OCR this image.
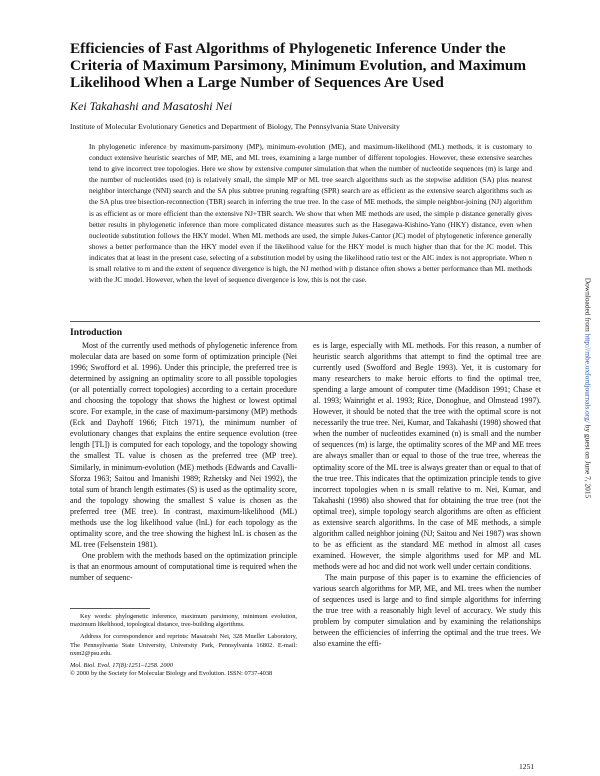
Efficiencies of Fast Algorithms of Phylogenetic Inference Under the Criteria of Maximum Parsimony, Minimum Evolution, and Maximum Likelihood When a Large Number of Sequences Are Used

Kei Takahashi and Masatoshi Nei

Institute of Molecular Evolutionary Genetics and Department of Biology, The Pennsylvania State University

In phylogenetic inference by maximum-parsimony (MP), minimum-evolution (ME), and maximum-likelihood (ML) methods, it is customary to conduct extensive heuristic searches of MP, ME, and ML trees, examining a large number of different topologies. However, these extensive searches tend to give incorrect tree topologies. Here we show by extensive computer simulation that when the number of nucleotide sequences (m) is large and the number of nucleotides used (n) is relatively small, the simple MP or ML tree search algorithms such as the stepwise addition (SA) plus nearest neighbor interchange (NNI) search and the SA plus subtree pruning regrafting (SPR) search are as efficient as the extensive search algorithms such as the SA plus tree bisection-reconnection (TBR) search in inferring the true tree. In the case of ME methods, the simple neighbor-joining (NJ) algorithm is as efficient as or more efficient than the extensive NJ+TBR search. We show that when ME methods are used, the simple p distance generally gives better results in phylogenetic inference than more complicated distance measures such as the Hasegawa-Kishino-Yano (HKY) distance, even when nucleotide substitution follows the HKY model. When ML methods are used, the simple Jukes-Cantor (JC) model of phylogenetic inference generally shows a better performance than the HKY model even if the likelihood value for the HKY model is much higher than that for the JC model. This indicates that at least in the present case, selecting of a substitution model by using the likelihood ratio test or the AIC index is not appropriate. When n is small relative to m and the extent of sequence divergence is high, the NJ method with p distance often shows a better performance than ML methods with the JC model. However, when the level of sequence divergence is low, this is not the case.

Introduction

Most of the currently used methods of phylogenetic inference from molecular data are based on some form of optimization principle (Nei 1996; Swofford et al. 1996). Under this principle, the preferred tree is determined by assigning an optimality score to all possible topologies (or all potentially correct topologies) according to a certain procedure and choosing the topology that shows the highest or lowest optimal score. For example, in the case of maximum-parsimony (MP) methods (Eck and Dayhoff 1966; Fitch 1971), the minimum number of evolutionary changes that explains the entire sequence evolution (tree length [TL]) is computed for each topology, and the topology showing the smallest TL value is chosen as the preferred tree (MP tree). Similarly, in minimum-evolution (ME) methods (Edwards and Cavalli-Sforza 1963; Saitou and Imanishi 1989; Rzhetsky and Nei 1992), the total sum of branch length estimates (S) is used as the optimality score, and the topology showing the smallest S value is chosen as the preferred tree (ME tree). In contrast, maximum-likelihood (ML) methods use the log likelihood value (lnL) for each topology as the optimality score, and the tree showing the highest lnL is chosen as the ML tree (Felsenstein 1981).

One problem with the methods based on the optimization principle is that an enormous amount of computational time is required when the number of sequenc-

es is large, especially with ML methods. For this reason, a number of heuristic search algorithms that attempt to find the optimal tree are currently used (Swofford and Begle 1993). Yet, it is customary for many researchers to make heroic efforts to find the optimal tree, spending a large amount of computer time (Maddison 1991; Chase et al. 1993; Wainright et al. 1993; Rice, Donoghue, and Olmstead 1997). However, it should be noted that the tree with the optimal score is not necessarily the true tree. Nei, Kumar, and Takahashi (1998) showed that when the number of nucleotides examined (n) is small and the number of sequences (m) is large, the optimality scores of the MP and ME trees are always smaller than or equal to those of the true tree, whereas the optimality score of the ML tree is always greater than or equal to that of the true tree. This indicates that the optimization principle tends to give incorrect topologies when n is small relative to m. Nei, Kumar, and Takahashi (1998) also showed that for obtaining the true tree (not the optimal tree), simple topology search algorithms are often as efficient as extensive search algorithms. In the case of ME methods, a simple algorithm called neighbor joining (NJ; Saitou and Nei 1987) was shown to be as efficient as the standard ME method in almost all cases examined. However, the simple algorithms used for MP and ML methods were ad hoc and did not work well under certain conditions.

The main purpose of this paper is to examine the efficiencies of various search algorithms for MP, ME, and ML trees when the number of sequences used is large and to find simple algorithms for inferring the true tree with a reasonably high level of accuracy. We study this problem by computer simulation and by examining the relationships between the efficiencies of inferring the optimal and the true trees. We also examine the effi-

Key words: phylogenetic inference, maximum parsimony, minimum evolution, maximum likelihood, topological distance, tree-building algorithms.

Address for correspondence and reprints: Masatoshi Nei, 328 Mueller Laboratory, The Pennsylvania State University, University Park, Pennsylvania 16802. E-mail: nxm2@psu.edu.

Mol. Biol. Evol. 17(8):1251–1258. 2000

© 2000 by the Society for Molecular Biology and Evolution. ISSN: 0737-4038

1251

Downloaded from http://mbe.oxfordjournals.org/ by guest on June 7, 2015
